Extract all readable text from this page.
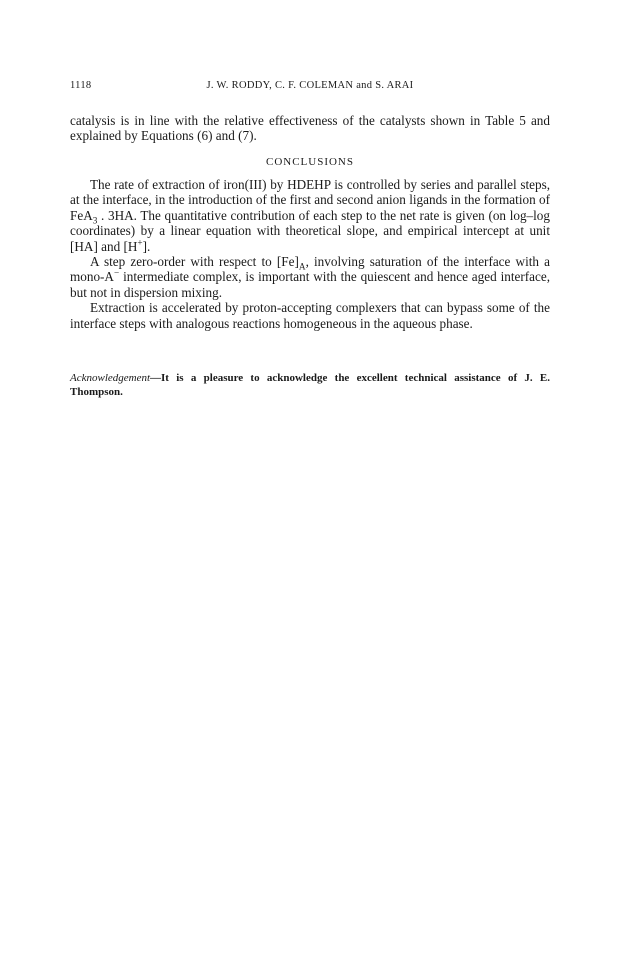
1118	J. W. RODDY, C. F. COLEMAN and S. ARAI

catalysis is in line with the relative effectiveness of the catalysts shown in Table 5 and explained by Equations (6) and (7).

CONCLUSIONS

The rate of extraction of iron(III) by HDEHP is controlled by series and parallel steps, at the interface, in the introduction of the first and second anion ligands in the formation of FeA$_3$ . 3HA. The quantitative contribution of each step to the net rate is given (on log–log coordinates) by a linear equation with theoretical slope, and empirical intercept at unit [HA] and [H+].

A step zero-order with respect to $[Fe]_A$, involving saturation of the interface with a mono-A− intermediate complex, is important with the quiescent and hence aged interface, but not in dispersion mixing.

Extraction is accelerated by proton-accepting complexers that can bypass some of the interface steps with analogous reactions homogeneous in the aqueous phase.

Acknowledgement—It is a pleasure to acknowledge the excellent technical assistance of J. E. Thompson.
